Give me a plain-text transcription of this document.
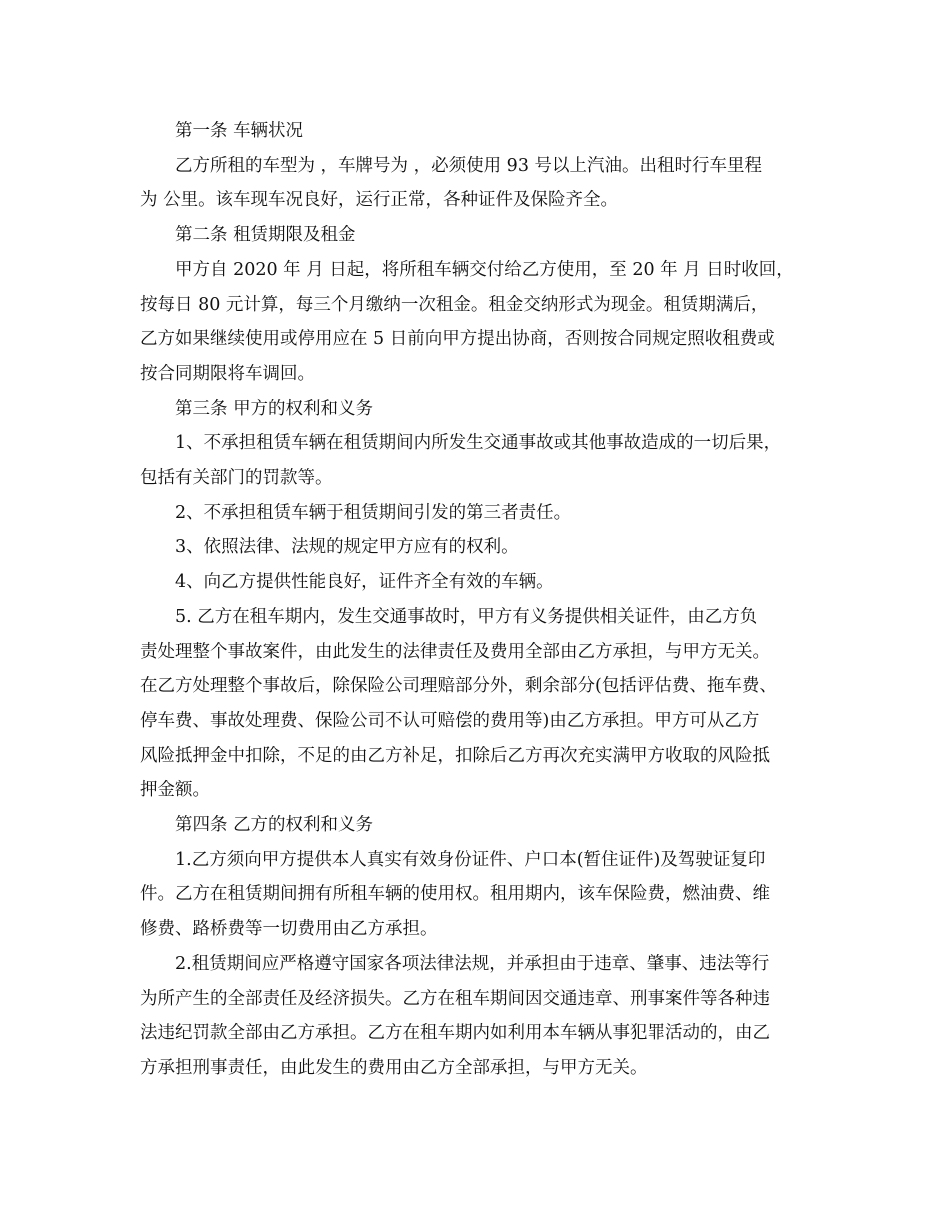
第一条 车辆状况
乙方所租的车型为 ，车牌号为 ，必须使用 93 号以上汽油。出租时行车里程
为 公里。该车现车况良好，运行正常，各种证件及保险齐全。
第二条 租赁期限及租金
甲方自 2020 年 月 日起，将所租车辆交付给乙方使用，至 20 年 月 日时收回，
按每日 80 元计算，每三个月缴纳一次租金。租金交纳形式为现金。租赁期满后，
乙方如果继续使用或停用应在 5 日前向甲方提出协商，否则按合同规定照收租费或
按合同期限将车调回。
第三条 甲方的权利和义务
1、不承担租赁车辆在租赁期间内所发生交通事故或其他事故造成的一切后果，
包括有关部门的罚款等。
2、不承担租赁车辆于租赁期间引发的第三者责任。
3、依照法律、法规的规定甲方应有的权利。
4、向乙方提供性能良好，证件齐全有效的车辆。
5. 乙方在租车期内，发生交通事故时，甲方有义务提供相关证件，由乙方负
责处理整个事故案件，由此发生的法律责任及费用全部由乙方承担，与甲方无关。
在乙方处理整个事故后，除保险公司理赔部分外，剩余部分(包括评估费、拖车费、
停车费、事故处理费、保险公司不认可赔偿的费用等)由乙方承担。甲方可从乙方
风险抵押金中扣除，不足的由乙方补足，扣除后乙方再次充实满甲方收取的风险抵
押金额。
第四条 乙方的权利和义务
1.乙方须向甲方提供本人真实有效身份证件、户口本(暂住证件)及驾驶证复印
件。乙方在租赁期间拥有所租车辆的使用权。租用期内，该车保险费，燃油费、维
修费、路桥费等一切费用由乙方承担。
2.租赁期间应严格遵守国家各项法律法规，并承担由于违章、肇事、违法等行
为所产生的全部责任及经济损失。乙方在租车期间因交通违章、刑事案件等各种违
法违纪罚款全部由乙方承担。乙方在租车期内如利用本车辆从事犯罪活动的，由乙
方承担刑事责任，由此发生的费用由乙方全部承担，与甲方无关。
